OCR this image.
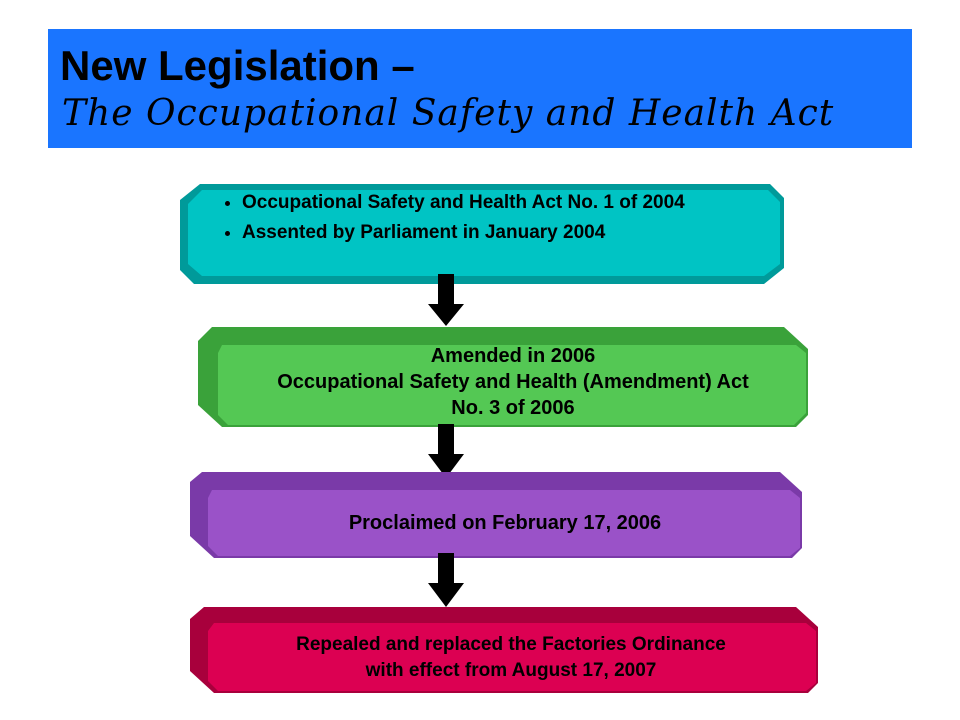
New Legislation –
The Occupational Safety and Health Act
• Occupational Safety and Health Act No. 1 of 2004
• Assented by Parliament in January 2004
Amended in 2006
Occupational Safety and Health (Amendment) Act
No. 3 of 2006
Proclaimed on February 17, 2006
Repealed and replaced the Factories Ordinance
with effect from August 17, 2007
